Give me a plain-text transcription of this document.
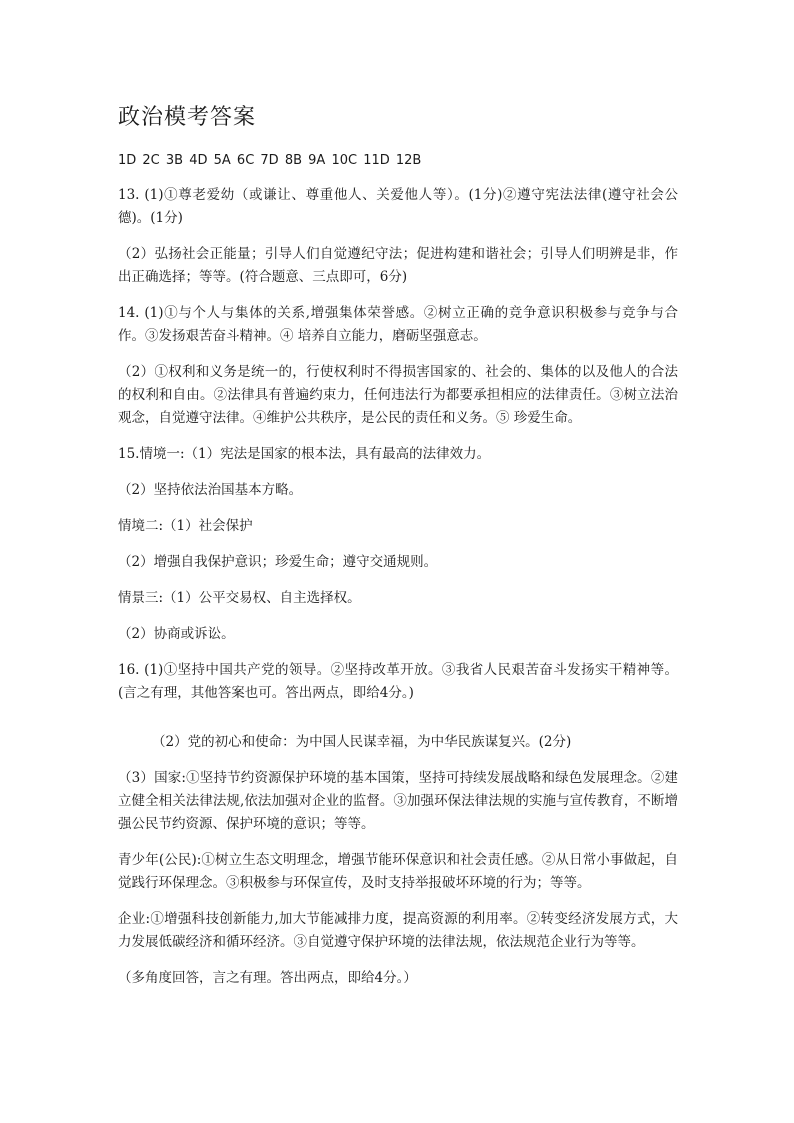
政治模考答案
1D 2C 3B 4D 5A 6C 7D 8B 9A 10C 11D 12B

13. (1)①尊老爱幼（或谦让、尊重他人、关爱他人等）。(1分)②遵守宪法法律(遵守社会公德)。(1分)

（2）弘扬社会正能量；引导人们自觉遵纪守法；促进构建和谐社会；引导人们明辨是非，作出正确选择；等等。(符合题意、三点即可，6分)

14. (1)①与个人与集体的关系,增强集体荣誉感。②树立正确的竞争意识积极参与竞争与合作。③发扬艰苦奋斗精神。④ 培养自立能力，磨砺坚强意志。

（2）①权利和义务是统一的，行使权利时不得损害国家的、社会的、集体的以及他人的合法的权利和自由。②法律具有普遍约束力，任何违法行为都要承担相应的法律责任。③树立法治观念，自觉遵守法律。④维护公共秩序，是公民的责任和义务。⑤ 珍爱生命。

15.情境一:（1）宪法是国家的根本法，具有最高的法律效力。

（2）坚持依法治国基本方略。

情境二:（1）社会保护

（2）增强自我保护意识；珍爱生命；遵守交通规则。

情景三:（1）公平交易权、自主选择权。

（2）协商或诉讼。

16. (1)①坚持中国共产党的领导。②坚持改革开放。③我省人民艰苦奋斗发扬实干精神等。(言之有理，其他答案也可。答出两点，即给4分。)

（2）党的初心和使命：为中国人民谋幸福，为中华民族谋复兴。(2分)

（3）国家:①坚持节约资源保护环境的基本国策，坚持可持续发展战略和绿色发展理念。②建立健全相关法律法规,依法加强对企业的监督。③加强环保法律法规的实施与宣传教育，不断增强公民节约资源、保护环境的意识；等等。

青少年(公民):①树立生态文明理念，增强节能环保意识和社会责任感。②从日常小事做起，自觉践行环保理念。③积极参与环保宣传，及时支持举报破坏环境的行为；等等。

企业:①增强科技创新能力,加大节能减排力度，提高资源的利用率。②转变经济发展方式，大力发展低碳经济和循环经济。③自觉遵守保护环境的法律法规，依法规范企业行为等等。

（多角度回答，言之有理。答出两点，即给4分。）
